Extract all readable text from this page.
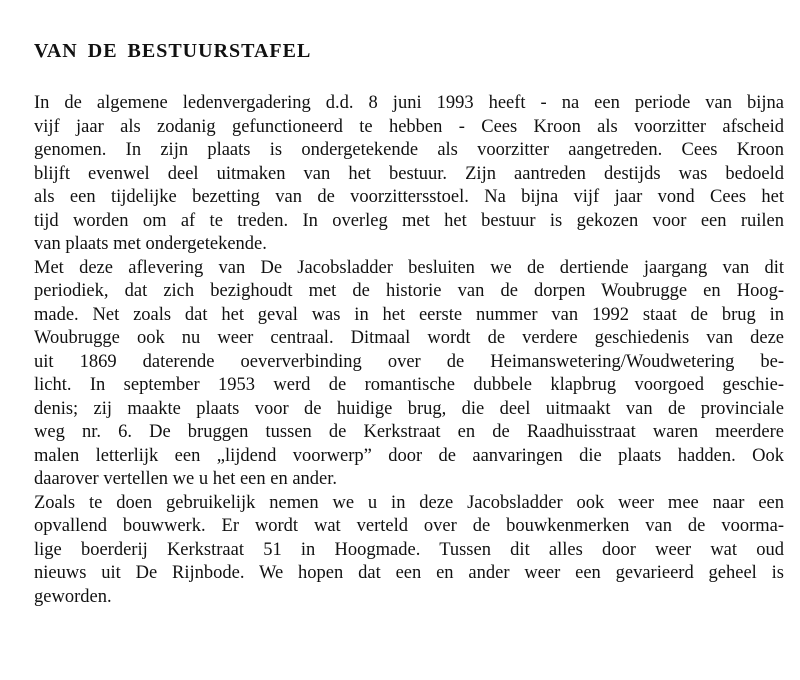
VAN DE BESTUURSTAFEL
In de algemene ledenvergadering d.d. 8 juni 1993 heeft - na een periode van bijna
vijf jaar als zodanig gefunctioneerd te hebben - Cees Kroon als voorzitter afscheid
genomen. In zijn plaats is ondergetekende als voorzitter aangetreden. Cees Kroon
blijft evenwel deel uitmaken van het bestuur. Zijn aantreden destijds was bedoeld
als een tijdelijke bezetting van de voorzittersstoel. Na bijna vijf jaar vond Cees het
tijd worden om af te treden. In overleg met het bestuur is gekozen voor een ruilen
van plaats met ondergetekende.
Met deze aflevering van De Jacobsladder besluiten we de dertiende jaargang van dit
periodiek, dat zich bezighoudt met de historie van de dorpen Woubrugge en Hoog-
made. Net zoals dat het geval was in het eerste nummer van 1992 staat de brug in
Woubrugge ook nu weer centraal. Ditmaal wordt de verdere geschiedenis van deze
uit 1869 daterende oeververbinding over de Heimanswetering/Woudwetering be-
licht. In september 1953 werd de romantische dubbele klapbrug voorgoed geschie-
denis; zij maakte plaats voor de huidige brug, die deel uitmaakt van de provinciale
weg nr. 6. De bruggen tussen de Kerkstraat en de Raadhuisstraat waren meerdere
malen letterlijk een „lijdend voorwerp” door de aanvaringen die plaats hadden. Ook
daarover vertellen we u het een en ander.
Zoals te doen gebruikelijk nemen we u in deze Jacobsladder ook weer mee naar een
opvallend bouwwerk. Er wordt wat verteld over de bouwkenmerken van de voorma-
lige boerderij Kerkstraat 51 in Hoogmade. Tussen dit alles door weer wat oud
nieuws uit De Rijnbode. We hopen dat een en ander weer een gevarieerd geheel is
geworden.
